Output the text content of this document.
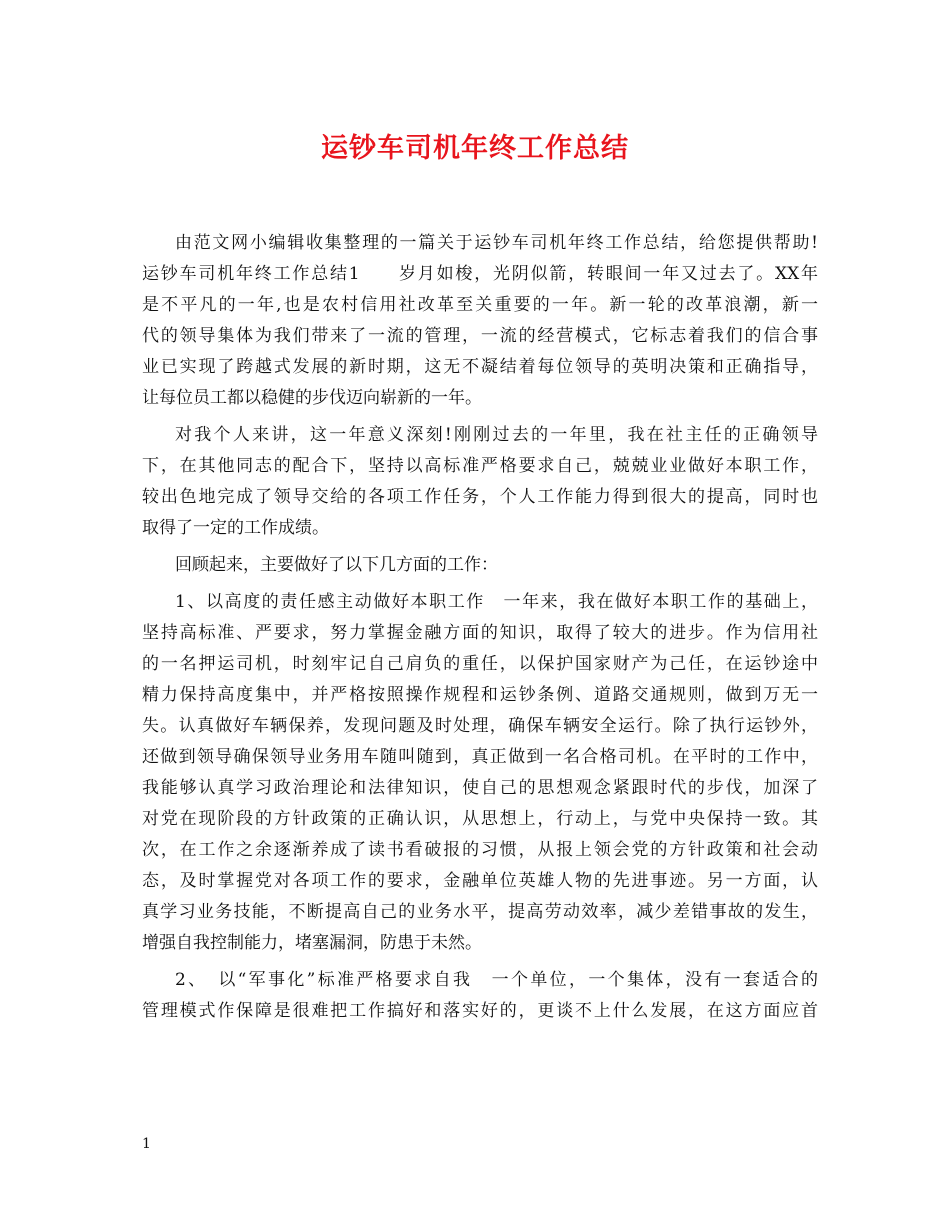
运钞车司机年终工作总结
由范文网小编辑收集整理的一篇关于运钞车司机年终工作总结，给您提供帮助!
运钞车司机年终工作总结1　　岁月如梭，光阴似箭，转眼间一年又过去了。XX年
是不平凡的一年,也是农村信用社改革至关重要的一年。新一轮的改革浪潮，新一
代的领导集体为我们带来了一流的管理，一流的经营模式，它标志着我们的信合事
业已实现了跨越式发展的新时期，这无不凝结着每位领导的英明决策和正确指导，
让每位员工都以稳健的步伐迈向崭新的一年。
对我个人来讲，这一年意义深刻!刚刚过去的一年里，我在社主任的正确领导
下，在其他同志的配合下，坚持以高标准严格要求自己，兢兢业业做好本职工作，
较出色地完成了领导交给的各项工作任务，个人工作能力得到很大的提高，同时也
取得了一定的工作成绩。
回顾起来，主要做好了以下几方面的工作：
1、以高度的责任感主动做好本职工作　一年来，我在做好本职工作的基础上，
坚持高标准、严要求，努力掌握金融方面的知识，取得了较大的进步。作为信用社
的一名押运司机，时刻牢记自己肩负的重任，以保护国家财产为己任，在运钞途中
精力保持高度集中，并严格按照操作规程和运钞条例、道路交通规则，做到万无一
失。认真做好车辆保养，发现问题及时处理，确保车辆安全运行。除了执行运钞外，
还做到领导确保领导业务用车随叫随到，真正做到一名合格司机。在平时的工作中，
我能够认真学习政治理论和法律知识，使自己的思想观念紧跟时代的步伐，加深了
对党在现阶段的方针政策的正确认识，从思想上，行动上，与党中央保持一致。其
次，在工作之余逐渐养成了读书看破报的习惯，从报上领会党的方针政策和社会动
态，及时掌握党对各项工作的要求，金融单位英雄人物的先进事迹。另一方面，认
真学习业务技能，不断提高自己的业务水平，提高劳动效率，减少差错事故的发生，
增强自我控制能力，堵塞漏洞，防患于未然。
2、　以“军事化”标准严格要求自我　一个单位，一个集体，没有一套适合的
管理模式作保障是很难把工作搞好和落实好的，更谈不上什么发展，在这方面应首
1
